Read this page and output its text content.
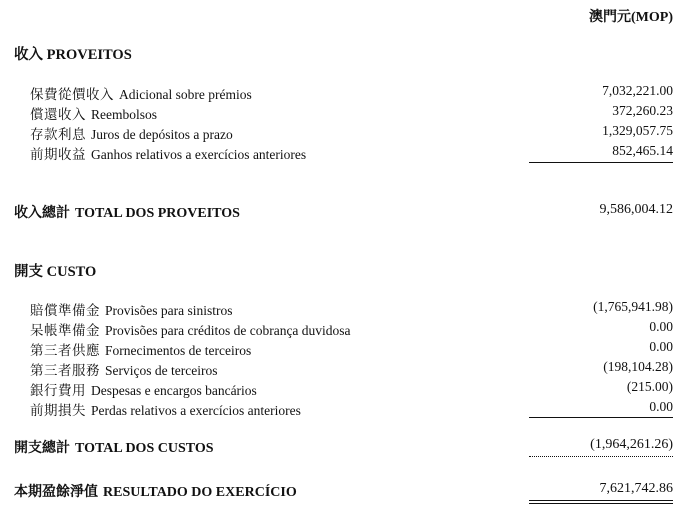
澳門元(MOP)
收入 PROVEITOS
保費從價收入 Adicional sobre prémios	7,032,221.00
償還收入 Reembolsos	372,260.23
存款利息 Juros de depósitos a prazo	1,329,057.75
前期收益 Ganhos relativos a exercícios anteriores	852,465.14
收入總計 TOTAL DOS PROVEITOS	9,586,004.12
開支 CUSTO
賠償準備金 Provisões para sinistros	(1,765,941.98)
呆帳準備金 Provisões para créditos de cobrança duvidosa	0.00
第三者供應 Fornecimentos de terceiros	0.00
第三者服務 Serviços de terceiros	(198,104.28)
銀行費用 Despesas e encargos bancários	(215.00)
前期損失 Perdas relativos a exercícios anteriores	0.00
開支總計 TOTAL DOS CUSTOS	(1,964,261.26)
本期盈餘淨值 RESULTADO DO EXERCÍCIO	7,621,742.86
